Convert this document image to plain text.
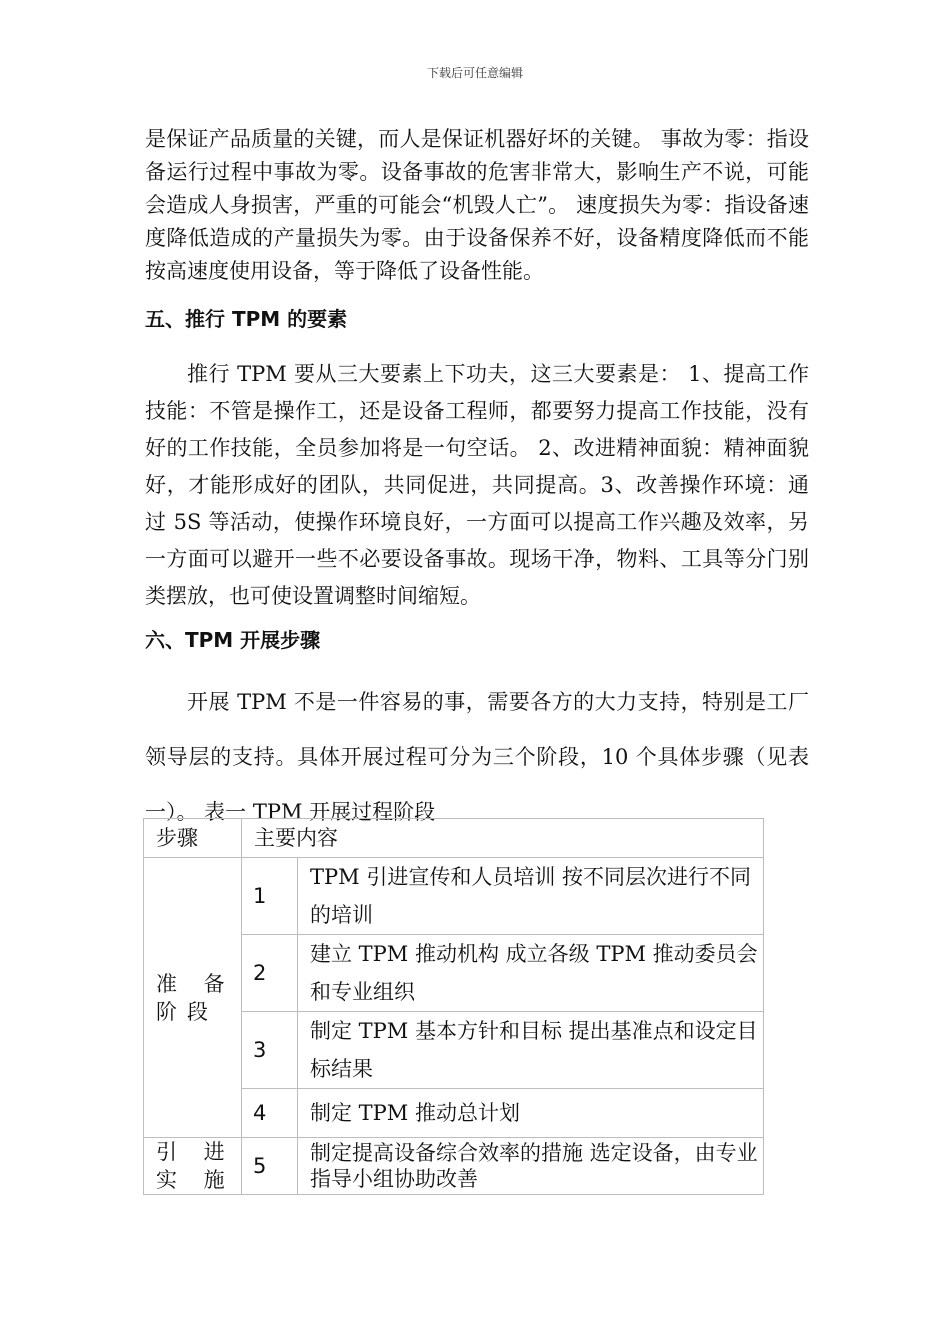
下载后可任意编辑

是保证产品质量的关键，而人是保证机器好坏的关键。 事故为零：指设备运行过程中事故为零。设备事故的危害非常大，影响生产不说，可能会造成人身损害，严重的可能会“机毁人亡”。 速度损失为零：指设备速度降低造成的产量损失为零。由于设备保养不好，设备精度降低而不能按高速度使用设备，等于降低了设备性能。

五、推行 TPM 的要素

推行 TPM 要从三大要素上下功夫，这三大要素是： 1、提高工作技能：不管是操作工，还是设备工程师，都要努力提高工作技能，没有好的工作技能，全员参加将是一句空话。 2、改进精神面貌：精神面貌好，才能形成好的团队，共同促进，共同提高。3、改善操作环境：通过 5S 等活动，使操作环境良好，一方面可以提高工作兴趣及效率，另一方面可以避开一些不必要设备事故。现场干净，物料、工具等分门别类摆放，也可使设置调整时间缩短。

六、TPM 开展步骤

开展 TPM 不是一件容易的事，需要各方的大力支持，特别是工厂领导层的支持。具体开展过程可分为三个阶段，10 个具体步骤（见表一）。 表一 TPM 开展过程阶段

步骤	主要内容	
准 备阶段	1	TPM 引进宣传和人员培训 按不同层次进行不同的培训
	2	建立 TPM 推动机构 成立各级 TPM 推动委员会和专业组织
	3	制定 TPM 基本方针和目标 提出基准点和设定目标结果
	4	制定 TPM 推动总计划
引 进实 施	5	制定提高设备综合效率的措施 选定设备，由专业指导小组协助改善
